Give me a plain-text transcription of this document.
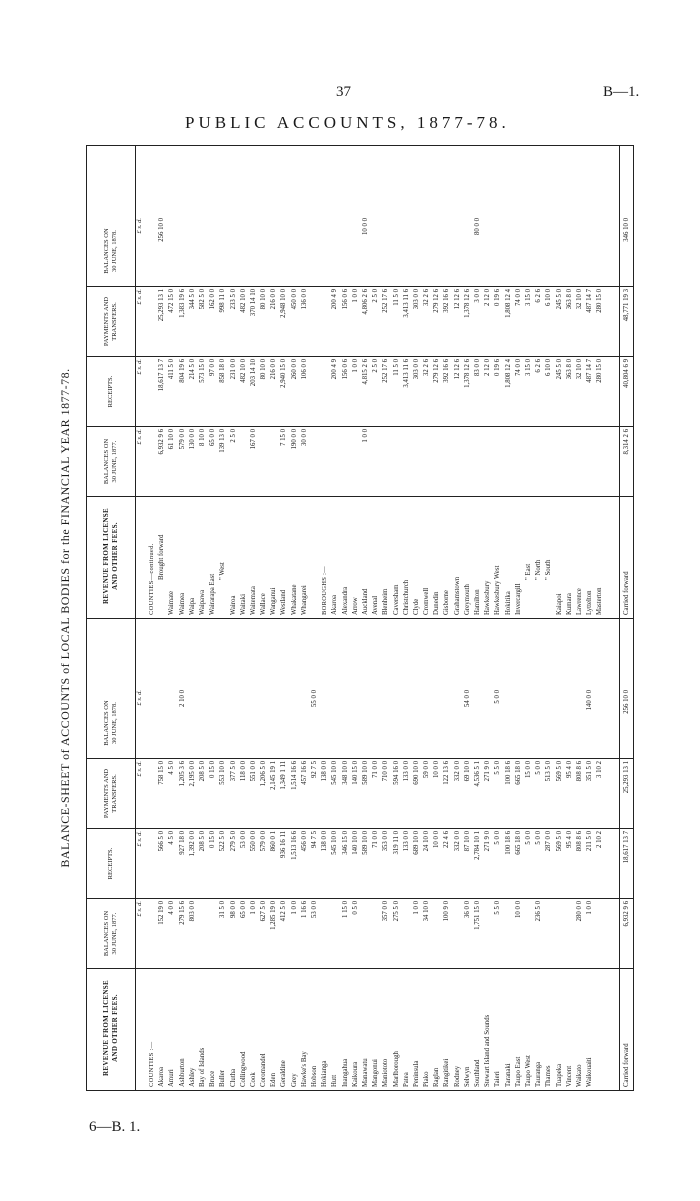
37	B—1.
PUBLIC ACCOUNTS, 1877-78.
BALANCE-SHEET of ACCOUNTS of LOCAL BODIES for the FINANCIAL YEAR 1877-78.
REVENUE FROM LICENSE AND OTHER FEES.
BALANCES ON 30 JUNE, 1877.
RECEIPTS.
PAYMENTS AND TRANSFERS.
BALANCES ON 30 JUNE, 1878.
£ s. d.
£ s. d.
£ s. d.
£ s. d.
COUNTIES :— Akaroa
152 19 0
566 5 0
758 15 0
Amuri
4 0 0
4 5 0
4 5 0
Ashburton
279 15 6
927 18 0
1,205 3 6
2 10 0
Ashley
803 0 0
1,392 0 0
2,195 0 0
Bay of Islands
208 5 0
208 5 0
Bruce
0 15 0
0 15 0
Buller
31 5 0
522 5 0
553 10 0
Clutha
98 0 0
279 5 0
377 5 0
Collingwood
65 0 0
53 0 0
118 0 0
Cook
1 0 0
550 0 0
551 0 0
Coromandel
627 5 0
579 0 0
1,206 5 0
Eden
1,285 19 0
860 0 1
2,145 19 1
Geraldine
412 5 0
936 16 11
1,349 1 11
Grey
1 0 0
1,513 16 6
1,514 16 6
Hawke's Bay
1 16 6
456 0 0
457 16 6
Hobson
53 0 0
94 7 5
92 7 5
55 0 0
Hokianga
138 0 0
138 0 0
Hutt
545 10 0
545 10 0
Inangahua
1 15 0
346 15 0
348 10 0
Kaikoura
0 5 0
140 10 0
140 15 0
Manawatu
589 10 0
589 10 0
Mangonui
71 0 0
71 0 0
Maniototo
357 0 0
353 0 0
710 0 0
Marlborough
275 5 0
319 11 0
594 16 0
Patea
133 0 0
133 0 0
Peninsula
1 0 0
689 10 0
690 10 0
Piako
34 10 0
24 10 0
59 0 0
Raglan
10 0 0
10 0 0
Rangitikei
100 9 0
22 4 6
122 13 6
Rodney
332 0 0
332 0 0
Selwyn
36 0 0
87 10 0
69 10 0
54 0 0
Southland
1,751 15 0
2,784 10 1
4,536 5 1
Stewart Island and Sounds
271 9 0
271 9 0
Taieri
5 5 0
5 0 0
5 5 0
5 0 0
Taranaki
100 18 6
100 18 6
Taupo East
10 0 0
665 18 0
665 18 0
Taupo West
5 0 0
15 0 0
Tauranga
236 5 0
5 0 0
5 0 0
Thames
287 0 0
513 5 0
Tuapeka
569 5 0
569 5 0
Vincent
95 4 0
95 4 0
Waikato
280 0 0
808 8 6
808 8 6
Waikouaiti
1 0 0
211 5 0
351 5 0
140 0 0
2 10 2
3 10 2
Carried forward
6,932 9 6
18,617 13 7
25,293 13 1
256 10 0
REVENUE FROM LICENSE AND OTHER FEES.
BALANCES ON 30 JUNE, 1877.
RECEIPTS.
PAYMENTS AND TRANSFERS.
BALANCES ON 30 JUNE, 1878.
£ s. d.
£ s. d.
£ s. d.
£ s. d.
COUNTIES—continued. Brought forward
6,932 9 6
18,617 13 7
25,293 13 1
256 10 0
Waimate
61 10 0
411 5 0
472 15 0
Waimea
579 0 0
804 19 6
1,383 19 6
Waipa
130 0 0
214 5 0
344 5 0
Waipawa
8 10 0
573 15 0
582 5 0
Wairarapa East
65 0 0
97 0 0
162 0 0
" West
139 13 0
858 18 0
998 11 0
Wairoa
2 5 0
231 0 0
233 5 0
Waitaki
482 10 0
482 10 0
Waitemata
167 0 0
203 14 10
370 14 10
Wallace
80 10 0
80 10 0
Wanganui
216 0 0
216 0 0
Westland
7 15 0
2,940 15 0
2,948 10 0
Whakatane
190 0 0
260 0 0
450 0 0
Whangarei
30 0 0
106 0 0
136 0 0
BOROUGHS :— Akaroa
200 4 9
200 4 9
Alexandra
156 0 6
156 0 6
Arrow
1 0 0
1 0 0
Auckland
1 0 0
4,815 2 6
4,806 2 6
10 0 0
Avenal
2 5 0
2 5 0
Blenheim
252 17 6
252 17 6
Caversham
11 5 0
11 5 0
Christchurch
3,413 11 6
3,413 11 6
Clyde
303 0 0
303 0 0
Cromwell
32 2 6
32 2 6
Dunedin
279 12 6
279 12 6
Gisborne
392 16 6
392 16 6
Grahamstown
12 12 6
12 12 6
Greymouth
1,378 12 6
1,378 12 6
Hamilton
83 0 0
3 0 0
80 0 0
Hawkesbury
2 12 0
2 12 0
Hawkesbury West
0 19 6
0 19 6
Hokitika
1,808 12 4
1,808 12 4
Invercargill
74 0 0
74 0 0
" East
3 15 0
3 15 0
" North
6 2 6
6 2 6
" South
6 10 0
6 10 0
Kaiapoi
245 5 0
245 5 0
Kumara
363 8 0
363 8 0
Lawrence
32 10 0
32 10 0
Lyttelton
487 14 7
487 14 7
Masterton
280 15 0
280 15 0
Carried forward
8,314 2 6
40,804 6 9
48,771 19 3
346 10 0
6—B. 1.
